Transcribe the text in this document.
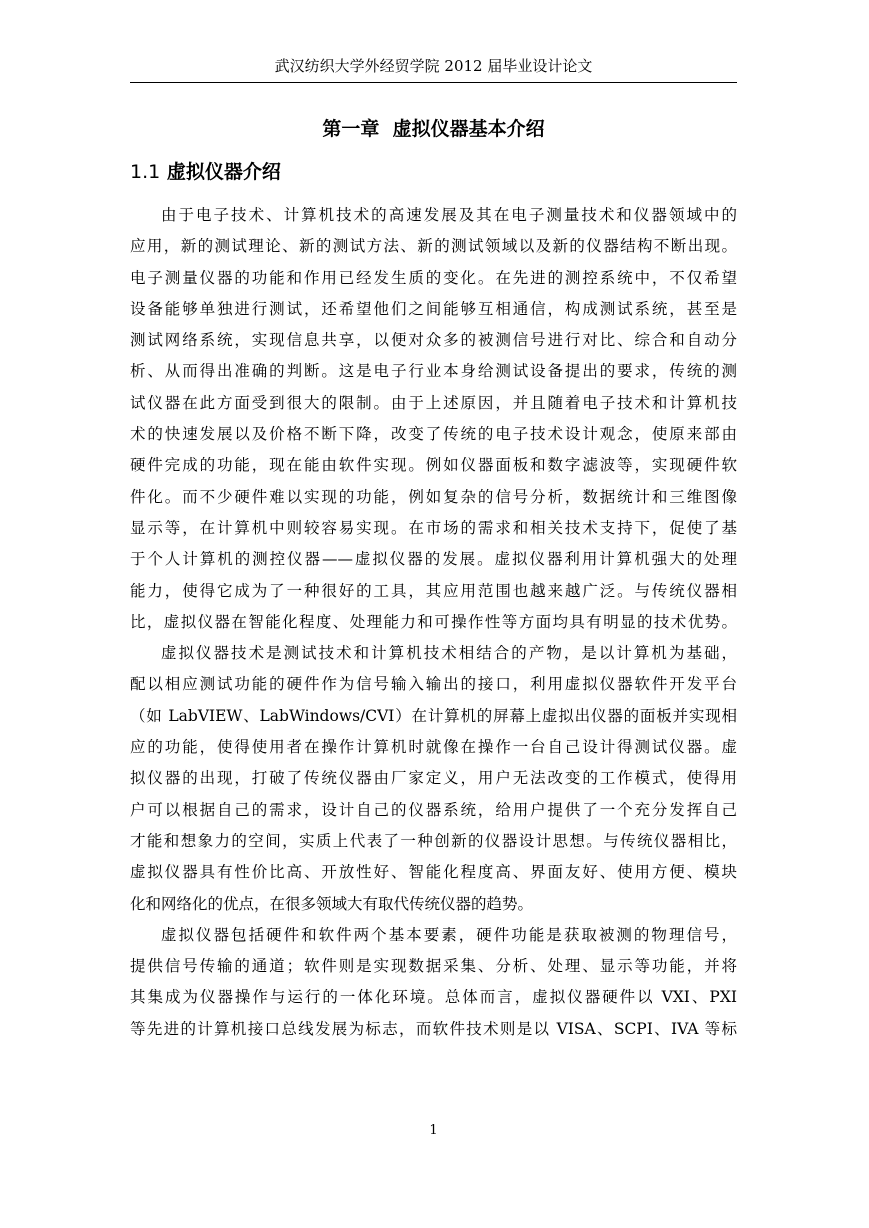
武汉纺织大学外经贸学院 2012 届毕业设计论文
第一章  虚拟仪器基本介绍
1.1 虚拟仪器介绍
由于电子技术、计算机技术的高速发展及其在电子测量技术和仪器领域中的
应用，新的测试理论、新的测试方法、新的测试领域以及新的仪器结构不断出现。
电子测量仪器的功能和作用已经发生质的变化。在先进的测控系统中，不仅希望
设备能够单独进行测试，还希望他们之间能够互相通信，构成测试系统，甚至是
测试网络系统，实现信息共享，以便对众多的被测信号进行对比、综合和自动分
析、从而得出准确的判断。这是电子行业本身给测试设备提出的要求，传统的测
试仪器在此方面受到很大的限制。由于上述原因，并且随着电子技术和计算机技
术的快速发展以及价格不断下降，改变了传统的电子技术设计观念，使原来部由
硬件完成的功能，现在能由软件实现。例如仪器面板和数字滤波等，实现硬件软
件化。而不少硬件难以实现的功能，例如复杂的信号分析，数据统计和三维图像
显示等，在计算机中则较容易实现。在市场的需求和相关技术支持下，促使了基
于个人计算机的测控仪器——虚拟仪器的发展。虚拟仪器利用计算机强大的处理
能力，使得它成为了一种很好的工具，其应用范围也越来越广泛。与传统仪器相
比，虚拟仪器在智能化程度、处理能力和可操作性等方面均具有明显的技术优势。
虚拟仪器技术是测试技术和计算机技术相结合的产物，是以计算机为基础，
配以相应测试功能的硬件作为信号输入输出的接口，利用虚拟仪器软件开发平台
（如 LabVIEW、LabWindows/CVI）在计算机的屏幕上虚拟出仪器的面板并实现相
应的功能，使得使用者在操作计算机时就像在操作一台自己设计得测试仪器。虚
拟仪器的出现，打破了传统仪器由厂家定义，用户无法改变的工作模式，使得用
户可以根据自己的需求，设计自己的仪器系统，给用户提供了一个充分发挥自己
才能和想象力的空间，实质上代表了一种创新的仪器设计思想。与传统仪器相比，
虚拟仪器具有性价比高、开放性好、智能化程度高、界面友好、使用方便、模块
化和网络化的优点，在很多领域大有取代传统仪器的趋势。
虚拟仪器包括硬件和软件两个基本要素，硬件功能是获取被测的物理信号，
提供信号传输的通道；软件则是实现数据采集、分析、处理、显示等功能，并将
其集成为仪器操作与运行的一体化环境。总体而言，虚拟仪器硬件以 VXI、PXI
等先进的计算机接口总线发展为标志，而软件技术则是以 VISA、SCPI、IVA 等标
1
